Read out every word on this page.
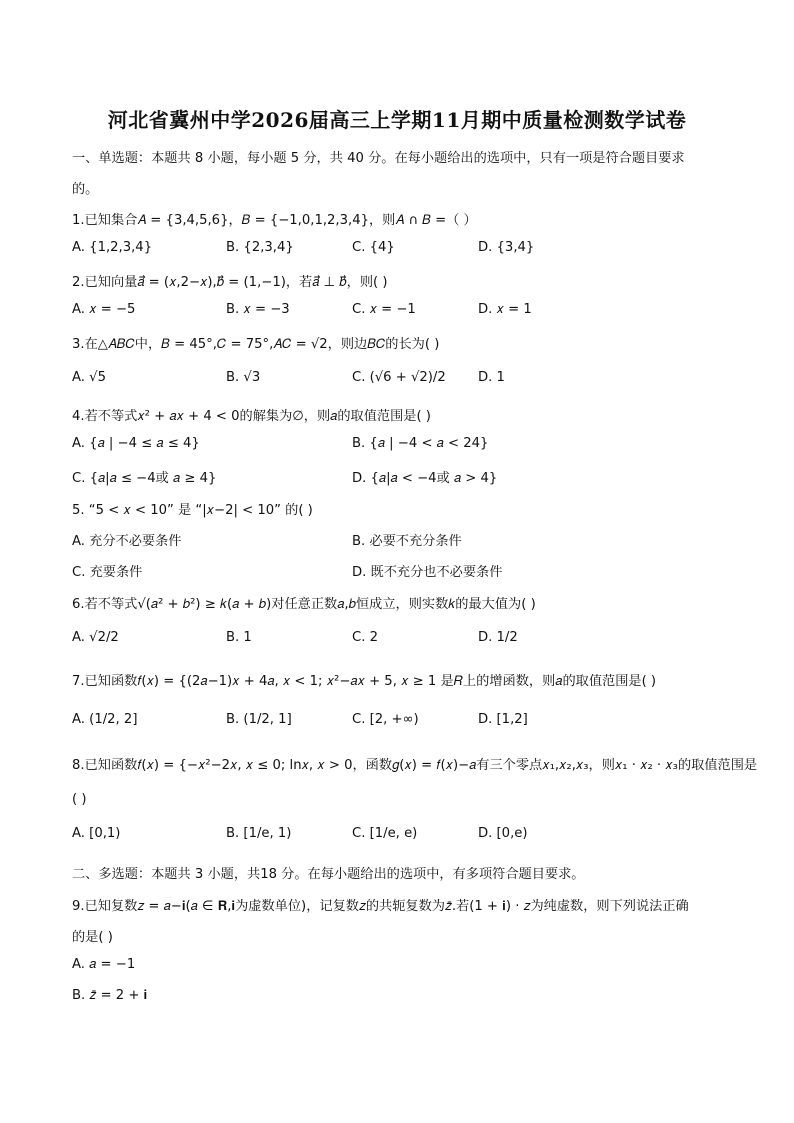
河北省冀州中学2026届高三上学期11月期中质量检测数学试卷
一、单选题：本题共 8 小题，每小题 5 分，共 40 分。在每小题给出的选项中，只有一项是符合题目要求
的。
1.已知集合𝐴 = {3,4,5,6}，𝐵 = {−1,0,1,2,3,4}，则𝐴 ∩ 𝐵 =（ ）
A. {1,2,3,4}	B. {2,3,4}	C. {4}	D. {3,4}
2.已知向量𝑎⃗ = (𝑥,2−𝑥),𝑏⃗ = (1,−1)，若𝑎⃗ ⊥ 𝑏⃗，则( )
A. 𝑥 = −5	B. 𝑥 = −3	C. 𝑥 = −1	D. 𝑥 = 1
3.在△𝐴𝐵𝐶中，𝐵 = 45°,𝐶 = 75°,𝐴𝐶 = √2，则边𝐵𝐶的长为( )
A. √5	B. √3	C. (√6 + √2)/2 D. 1
4.若不等式𝑥² + 𝑎𝑥 + 4 < 0的解集为∅，则𝑎的取值范围是( )
A. {𝑎 | −4 ≤ 𝑎 ≤ 4}	B. {𝑎 | −4 < 𝑎 < 24}
C. {𝑎|𝑎 ≤ −4或 𝑎 ≥ 4}	D. {𝑎|𝑎 < −4或 𝑎 > 4}
5. “5 < 𝑥 < 10” 是 “|𝑥−2| < 10” 的( )
A. 充分不必要条件	B. 必要不充分条件
C. 充要条件	D. 既不充分也不必要条件
6.若不等式√(𝑎² + 𝑏²) ≥ 𝑘(𝑎 + 𝑏)对任意正数𝑎,𝑏恒成立，则实数𝑘的最大值为( )
A. √2/2	B. 1	C. 2	D. 1/2
7.已知函数𝑓(𝑥) = {(2𝑎−1)𝑥 + 4𝑎, 𝑥 < 1; 𝑥²−𝑎𝑥 + 5, 𝑥 ≥ 1 是𝑅上的增函数，则𝑎的取值范围是( )
A. (1/2, 2]	B. (1/2, 1]	C. [2, +∞)	D. [1,2]
8.已知函数𝑓(𝑥) = {−𝑥²−2𝑥, 𝑥 ≤ 0; ln𝑥, 𝑥 > 0，函数𝑔(𝑥) = 𝑓(𝑥)−𝑎有三个零点𝑥₁,𝑥₂,𝑥₃，则𝑥₁ · 𝑥₂ · 𝑥₃的取值范围是
( )
A. [0,1)	B. [1/e, 1)	C. [1/e, e)	D. [0,e)
二、多选题：本题共 3 小题，共18 分。在每小题给出的选项中，有多项符合题目要求。
9.已知复数𝑧 = 𝑎−𝐢(𝑎 ∈ 𝐑,𝐢为虚数单位)，记复数𝑧的共轭复数为𝑧̄.若(1 + 𝐢) · 𝑧为纯虚数，则下列说法正确
的是( )
A. 𝑎 = −1
B. 𝑧̄ = 2 + 𝐢
